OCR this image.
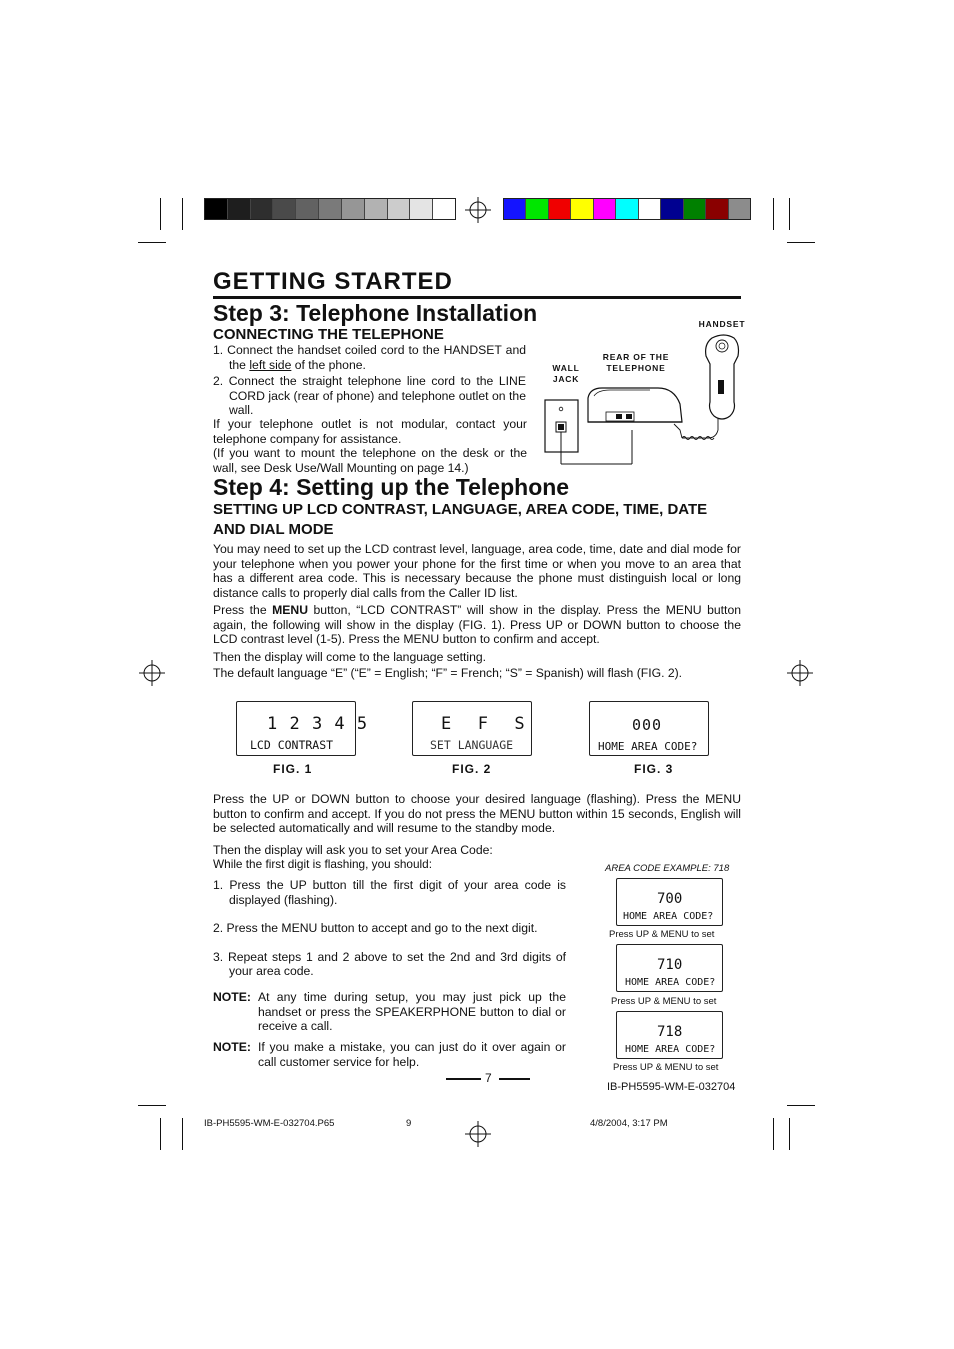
GETTING STARTED
Step 3: Telephone Installation
CONNECTING THE TELEPHONE
1. Connect the handset coiled cord to the HANDSET and the left side of the phone.
2. Connect the straight telephone line cord to the LINE CORD jack (rear of phone) and telephone outlet on the wall.

If your telephone outlet is not modular, contact your telephone company for assistance.

(If you want to mount the telephone on the desk or the wall, see Desk Use/Wall Mounting on page 14.)

HANDSET
REAR OF THE TELEPHONE
WALL JACK
Step 4: Setting up the Telephone
SETTING UP LCD CONTRAST, LANGUAGE, AREA CODE, TIME, DATE AND DIAL MODE

You may need to set up the LCD contrast level, language, area code, time, date and dial mode for your telephone when you power your phone for the first time or when you move to an area that has a different area code. This is necessary because the phone must distinguish local or long distance calls to properly dial calls from the Caller ID list.

Press the MENU button, “LCD CONTRAST” will show in the display. Press the MENU button again, the following will show in the display (FIG. 1). Press UP or DOWN button to choose the LCD contrast level (1-5). Press the MENU button to confirm and accept.

Then the display will come to the language setting.

The default language “E” (“E” = English; “F” = French; “S” = Spanish) will flash (FIG. 2).

1 2 3 4 5
LCD CONTRAST
E  F  S
SET LANGUAGE
000
HOME AREA CODE?
FIG. 1	FIG. 2	FIG. 3

Press the UP or DOWN button to choose your desired language (flashing). Press the MENU button to confirm and accept. If you do not press the MENU button within 15 seconds, English will be selected automatically and will resume to the standby mode.

Then the display will ask you to set your Area Code:

While the first digit is flashing, you should:

1. Press the UP button till the first digit of your area code is displayed (flashing).
2. Press the MENU button to accept and go to the next digit.
3. Repeat steps 1 and 2 above to set the 2nd and 3rd digits of your area code.
NOTE: At any time during setup, you may just pick up the handset or press the SPEAKERPHONE button to dial or receive a call.
NOTE: If you make a mistake, you can just do it over again or call customer service for help.
AREA CODE EXAMPLE: 718
700
HOME AREA CODE?
Press UP & MENU to set
710
HOME AREA CODE?
Press UP & MENU to set
718
HOME AREA CODE?
Press UP & MENU to set
7
IB-PH5595-WM-E-032704
IB-PH5595-WM-E-032704.P65	9	4/8/2004, 3:17 PM
